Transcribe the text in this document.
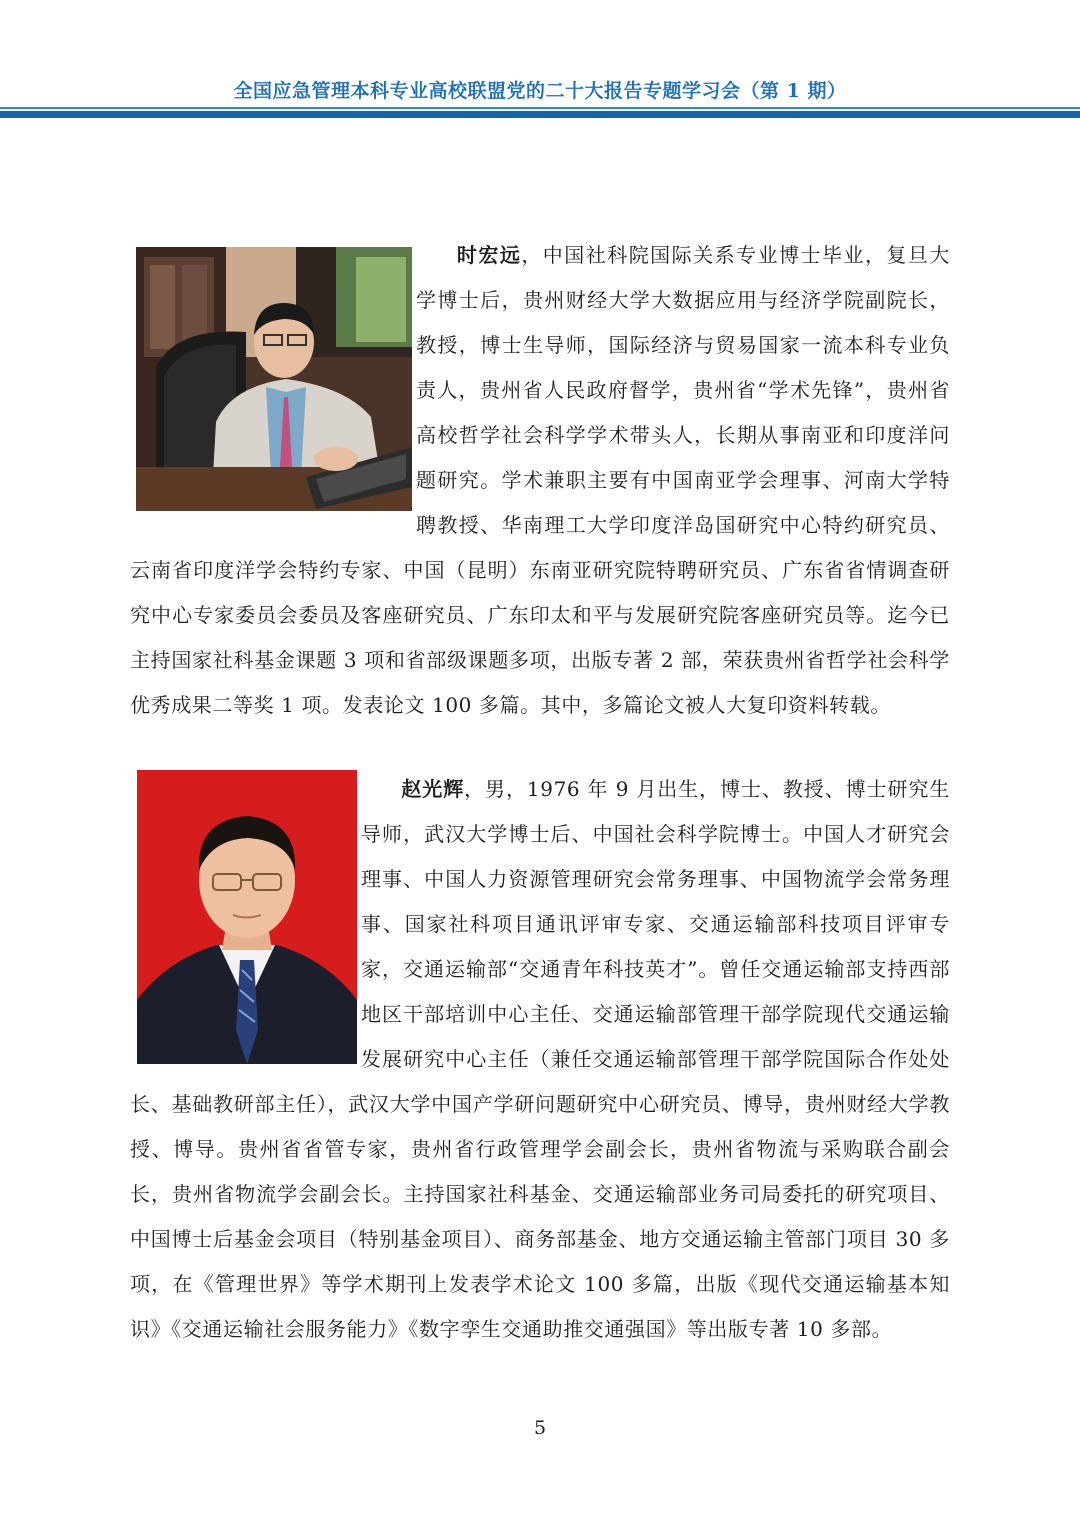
全国应急管理本科专业高校联盟党的二十大报告专题学习会（第 1 期）
时宏远，中国社科院国际关系专业博士毕业，复旦大学博士后，贵州财经大学大数据应用与经济学院副院长，教授，博士生导师，国际经济与贸易国家一流本科专业负责人，贵州省人民政府督学，贵州省“学术先锋”，贵州省高校哲学社会科学学术带头人，长期从事南亚和印度洋问题研究。学术兼职主要有中国南亚学会理事、河南大学特聘教授、华南理工大学印度洋岛国研究中心特约研究员、云南省印度洋学会特约专家、中国（昆明）东南亚研究院特聘研究员、广东省省情调查研究中心专家委员会委员及客座研究员、广东印太和平与发展研究院客座研究员等。迄今已主持国家社科基金课题 3 项和省部级课题多项，出版专著 2 部，荣获贵州省哲学社会科学优秀成果二等奖 1 项。发表论文 100 多篇。其中，多篇论文被人大复印资料转载。
赵光辉，男，1976 年 9 月出生，博士、教授、博士研究生导师，武汉大学博士后、中国社会科学院博士。中国人才研究会理事、中国人力资源管理研究会常务理事、中国物流学会常务理事、国家社科项目通讯评审专家、交通运输部科技项目评审专家，交通运输部“交通青年科技英才”。曾任交通运输部支持西部地区干部培训中心主任、交通运输部管理干部学院现代交通运输发展研究中心主任（兼任交通运输部管理干部学院国际合作处处长、基础教研部主任），武汉大学中国产学研问题研究中心研究员、博导，贵州财经大学教授、博导。贵州省省管专家，贵州省行政管理学会副会长，贵州省物流与采购联合副会长，贵州省物流学会副会长。主持国家社科基金、交通运输部业务司局委托的研究项目、中国博士后基金会项目（特别基金项目）、商务部基金、地方交通运输主管部门项目 30 多项，在《管理世界》等学术期刊上发表学术论文 100 多篇，出版《现代交通运输基本知识》《交通运输社会服务能力》《数字孪生交通助推交通强国》等出版专著 10 多部。
5
